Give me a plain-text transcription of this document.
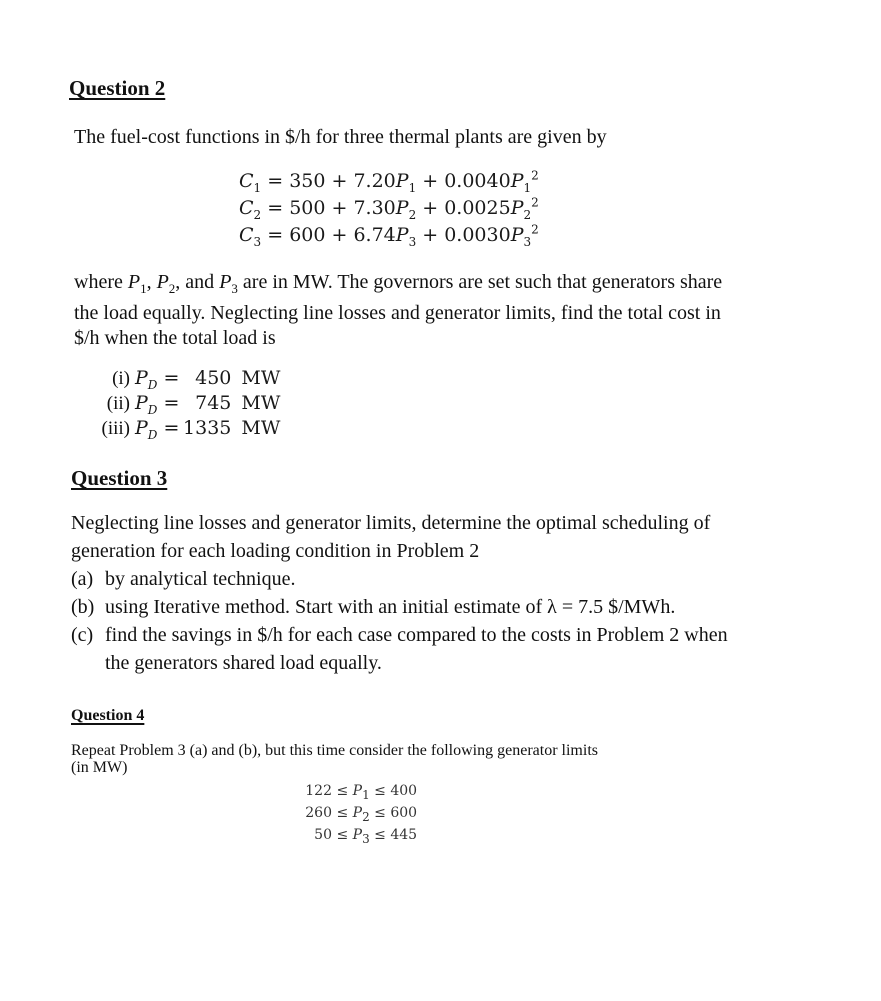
Question 2
The fuel-cost functions in $/h for three thermal plants are given by
$C_1 = 350 + 7.20P_1 + 0.0040P_1^2$
$C_2 = 500 + 7.30P_2 + 0.0025P_2^2$
$C_3 = 600 + 6.74P_3 + 0.0030P_3^2$
where $P_1$, $P_2$, and $P_3$ are in MW. The governors are set such that generators share
the load equally. Neglecting line losses and generator limits, find the total cost in
$/h when the total load is
(i) $P_D = 450$ MW
(ii) $P_D = 745$ MW
(iii) $P_D = 1335$ MW
Question 3
Neglecting line losses and generator limits, determine the optimal scheduling of
generation for each loading condition in Problem 2
(a) by analytical technique.
(b) using Iterative method. Start with an initial estimate of λ = 7.5 $/MWh.
(c) find the savings in $/h for each case compared to the costs in Problem 2 when
the generators shared load equally.
Question 4
Repeat Problem 3 (a) and (b), but this time consider the following generator limits
(in MW)
$122 \le P_1 \le 400$
$260 \le P_2 \le 600$
$50 \le P_3 \le 445$
